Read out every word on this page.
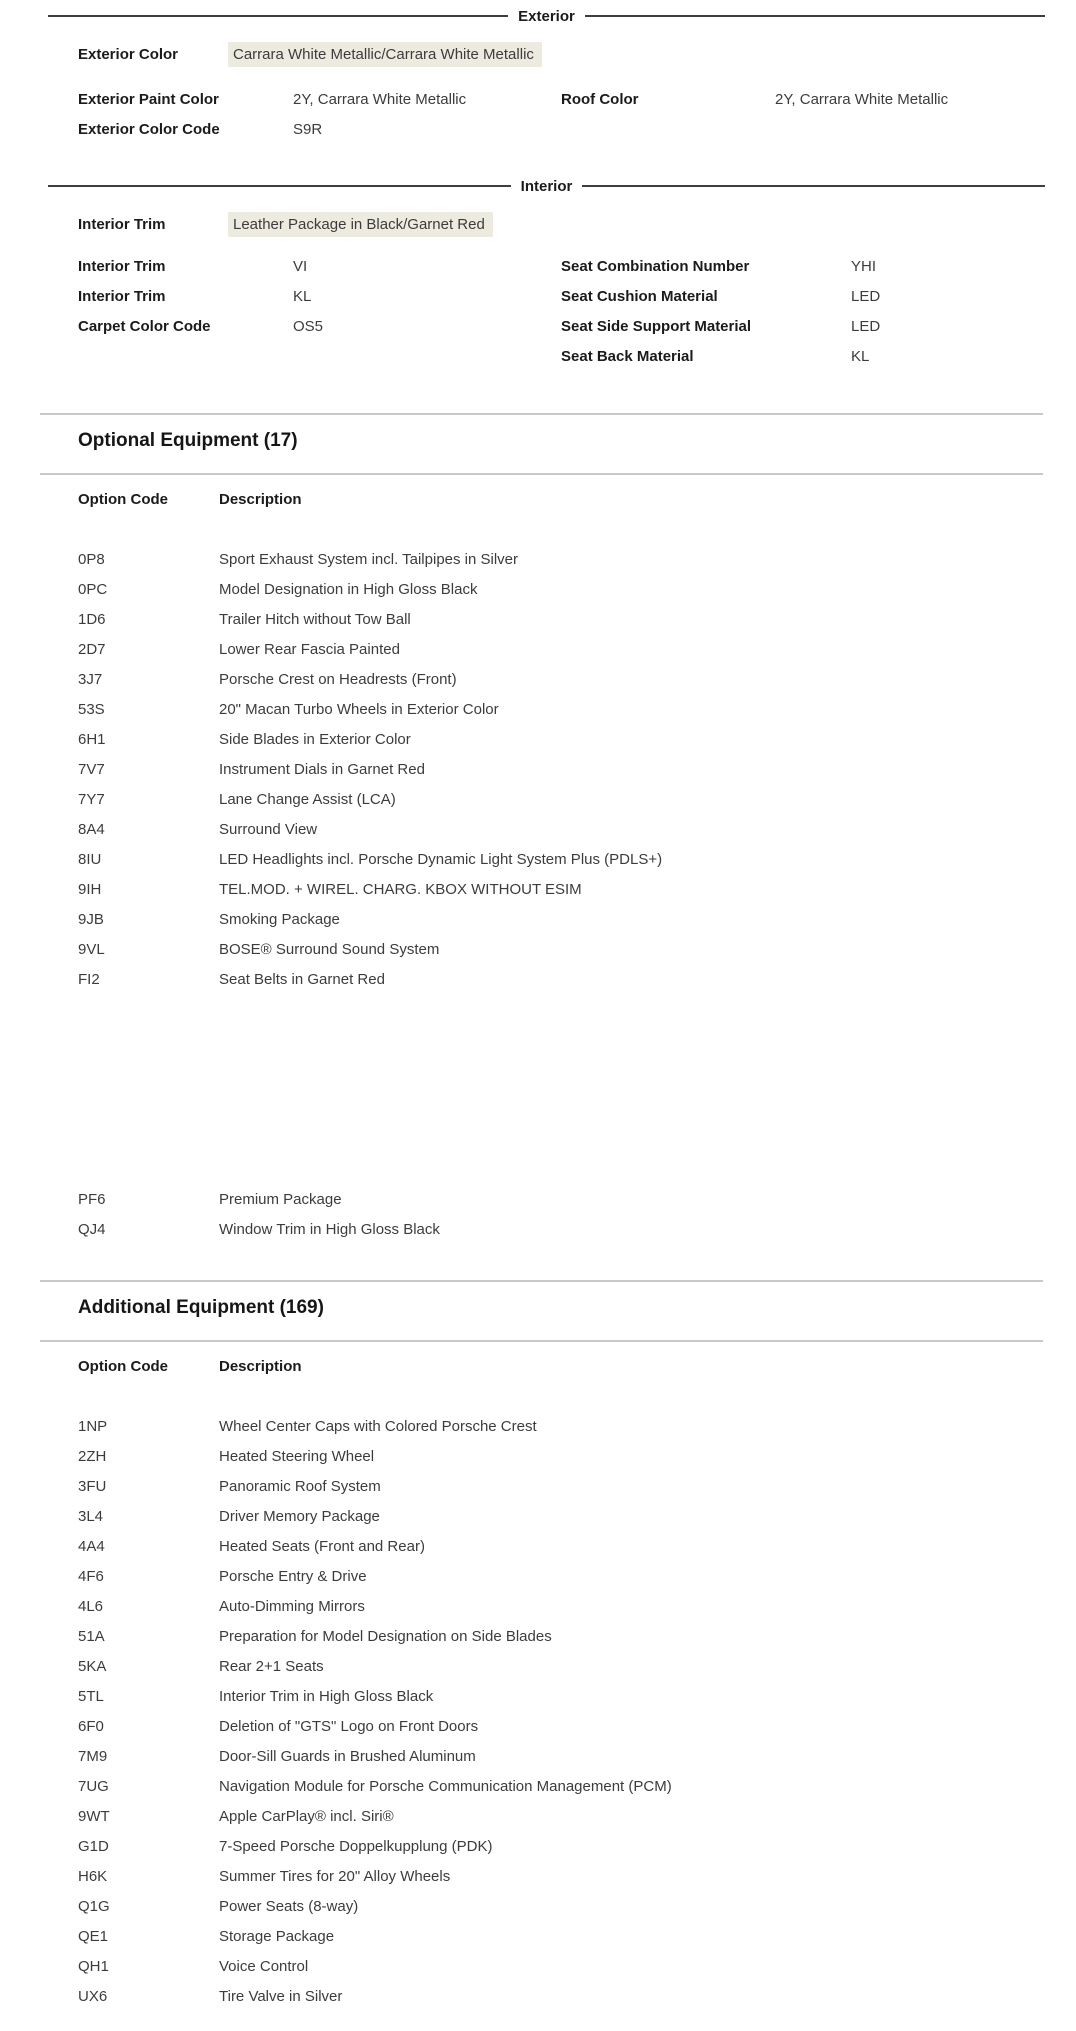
Exterior
Exterior Color	Carrara White Metallic/Carrara White Metallic
Exterior Paint Color	2Y, Carrara White Metallic
Exterior Color Code	S9R
Roof Color	2Y, Carrara White Metallic
Interior
Interior Trim	Leather Package in Black/Garnet Red
Interior Trim	VI
Interior Trim	KL
Carpet Color Code	OS5
Seat Combination Number	YHI
Seat Cushion Material	LED
Seat Side Support Material	LED
Seat Back Material	KL
Optional Equipment (17)
Option Code	Description
0P8	Sport Exhaust System incl. Tailpipes in Silver
0PC	Model Designation in High Gloss Black
1D6	Trailer Hitch without Tow Ball
2D7	Lower Rear Fascia Painted
3J7	Porsche Crest on Headrests (Front)
53S	20" Macan Turbo Wheels in Exterior Color
6H1	Side Blades in Exterior Color
7V7	Instrument Dials in Garnet Red
7Y7	Lane Change Assist (LCA)
8A4	Surround View
8IU	LED Headlights incl. Porsche Dynamic Light System Plus (PDLS+)
9IH	TEL.MOD. + WIREL. CHARG. KBOX WITHOUT ESIM
9JB	Smoking Package
9VL	BOSE® Surround Sound System
FI2	Seat Belts in Garnet Red
PF6	Premium Package
QJ4	Window Trim in High Gloss Black
Additional Equipment (169)
Option Code	Description
1NP	Wheel Center Caps with Colored Porsche Crest
2ZH	Heated Steering Wheel
3FU	Panoramic Roof System
3L4	Driver Memory Package
4A4	Heated Seats (Front and Rear)
4F6	Porsche Entry & Drive
4L6	Auto-Dimming Mirrors
51A	Preparation for Model Designation on Side Blades
5KA	Rear 2+1 Seats
5TL	Interior Trim in High Gloss Black
6F0	Deletion of "GTS" Logo on Front Doors
7M9	Door-Sill Guards in Brushed Aluminum
7UG	Navigation Module for Porsche Communication Management (PCM)
9WT	Apple CarPlay® incl. Siri®
G1D	7-Speed Porsche Doppelkupplung (PDK)
H6K	Summer Tires for 20" Alloy Wheels
Q1G	Power Seats (8-way)
QE1	Storage Package
QH1	Voice Control
UX6	Tire Valve in Silver
